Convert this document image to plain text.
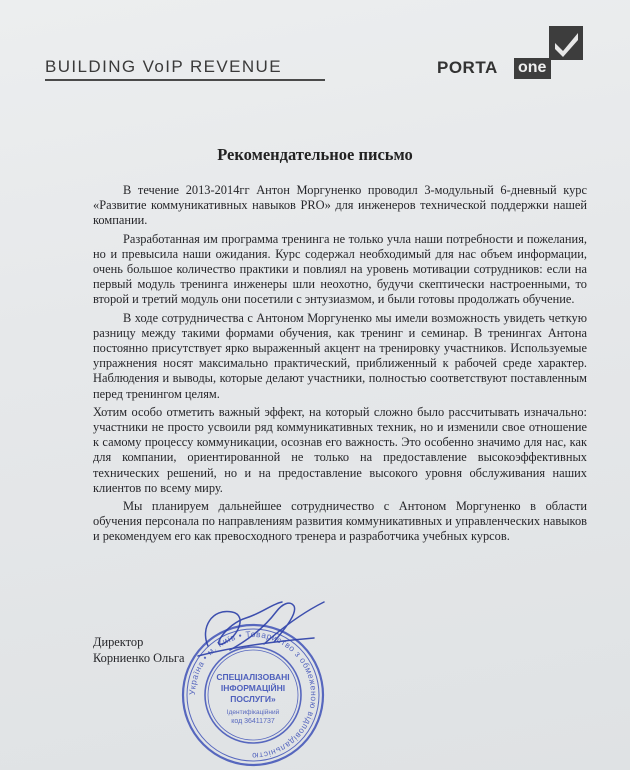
BUILDING VoIP REVENUE	PORTA one
Рекомендательное письмо

В течение 2013-2014гг Антон Моргуненко проводил 3-модульный 6-дневный курс «Развитие коммуникативных навыков PRO» для инженеров технической поддержки нашей компании.

Разработанная им программа тренинга не только учла наши потребности и пожелания, но и превысила наши ожидания. Курс содержал необходимый для нас объем информации, очень большое количество практики и повлиял на уровень мотивации сотрудников: если на первый модуль тренинга инженеры шли неохотно, будучи скептически настроенными, то второй и третий модуль они посетили с энтузиазмом, и были готовы продолжать обучение.

В ходе сотрудничества с Антоном Моргуненко мы имели возможность увидеть четкую разницу между такими формами обучения, как тренинг и семинар. В тренингах Антона постоянно присутствует ярко выраженный акцент на тренировку участников. Используемые упражнения носят максимально практический, приближенный к рабочей среде характер. Наблюдения и выводы, которые делают участники, полностью соответствуют поставленным перед тренингом целям.

Хотим особо отметить важный эффект, на который сложно было рассчитывать изначально: участники не просто усвоили ряд коммуникативных техник, но и изменили свое отношение к самому процессу коммуникации, осознав его важность. Это особенно значимо для нас, как для компании, ориентированной не только на предоставление высокоэффективных технических решений, но и на предоставление высокого уровня обслуживания наших клиентов по всему миру.

Мы планируем дальнейшее сотрудничество с Антоном Моргуненко в области обучения персонала по направлениям развития коммуникативных и управленческих навыков и рекомендуем его как превосходного тренера и разработчика учебных курсов.

Директор
Корниенко Ольга
Україна • м. Київ • Товариство з обмеженою відповідальністю
СПЕЦІАЛІЗОВАНІ
ІНФОРМАЦІЙНІ
ПОСЛУГИ»
Ідентифікаційний
код 36411737
